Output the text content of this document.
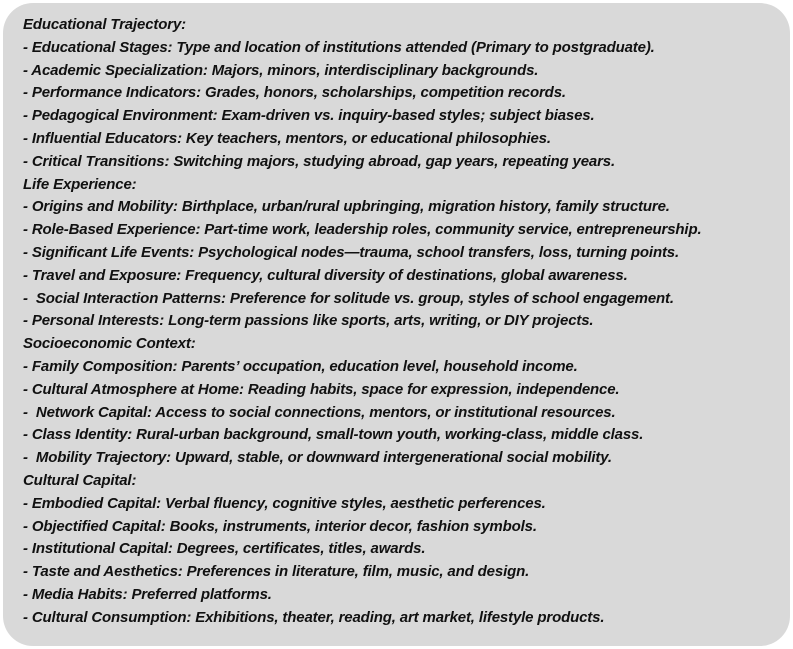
Educational Trajectory:
- Educational Stages: Type and location of institutions attended (Primary to postgraduate).
- Academic Specialization: Majors, minors, interdisciplinary backgrounds.
- Performance Indicators: Grades, honors, scholarships, competition records.
- Pedagogical Environment: Exam-driven vs. inquiry-based styles; subject biases.
- Influential Educators: Key teachers, mentors, or educational philosophies.
- Critical Transitions: Switching majors, studying abroad, gap years, repeating years.
Life Experience:
- Origins and Mobility: Birthplace, urban/rural upbringing, migration history, family structure.
- Role-Based Experience: Part-time work, leadership roles, community service, entrepreneurship.
- Significant Life Events: Psychological nodes—trauma, school transfers, loss, turning points.
- Travel and Exposure: Frequency, cultural diversity of destinations, global awareness.
-  Social Interaction Patterns: Preference for solitude vs. group, styles of school engagement.
- Personal Interests: Long-term passions like sports, arts, writing, or DIY projects.
Socioeconomic Context:
- Family Composition: Parents’ occupation, education level, household income.
- Cultural Atmosphere at Home: Reading habits, space for expression, independence.
-  Network Capital: Access to social connections, mentors, or institutional resources.
- Class Identity: Rural-urban background, small-town youth, working-class, middle class.
-  Mobility Trajectory: Upward, stable, or downward intergenerational social mobility.
Cultural Capital:
- Embodied Capital: Verbal fluency, cognitive styles, aesthetic perferences.
- Objectified Capital: Books, instruments, interior decor, fashion symbols.
- Institutional Capital: Degrees, certificates, titles, awards.
- Taste and Aesthetics: Preferences in literature, film, music, and design.
- Media Habits: Preferred platforms.
- Cultural Consumption: Exhibitions, theater, reading, art market, lifestyle products.
